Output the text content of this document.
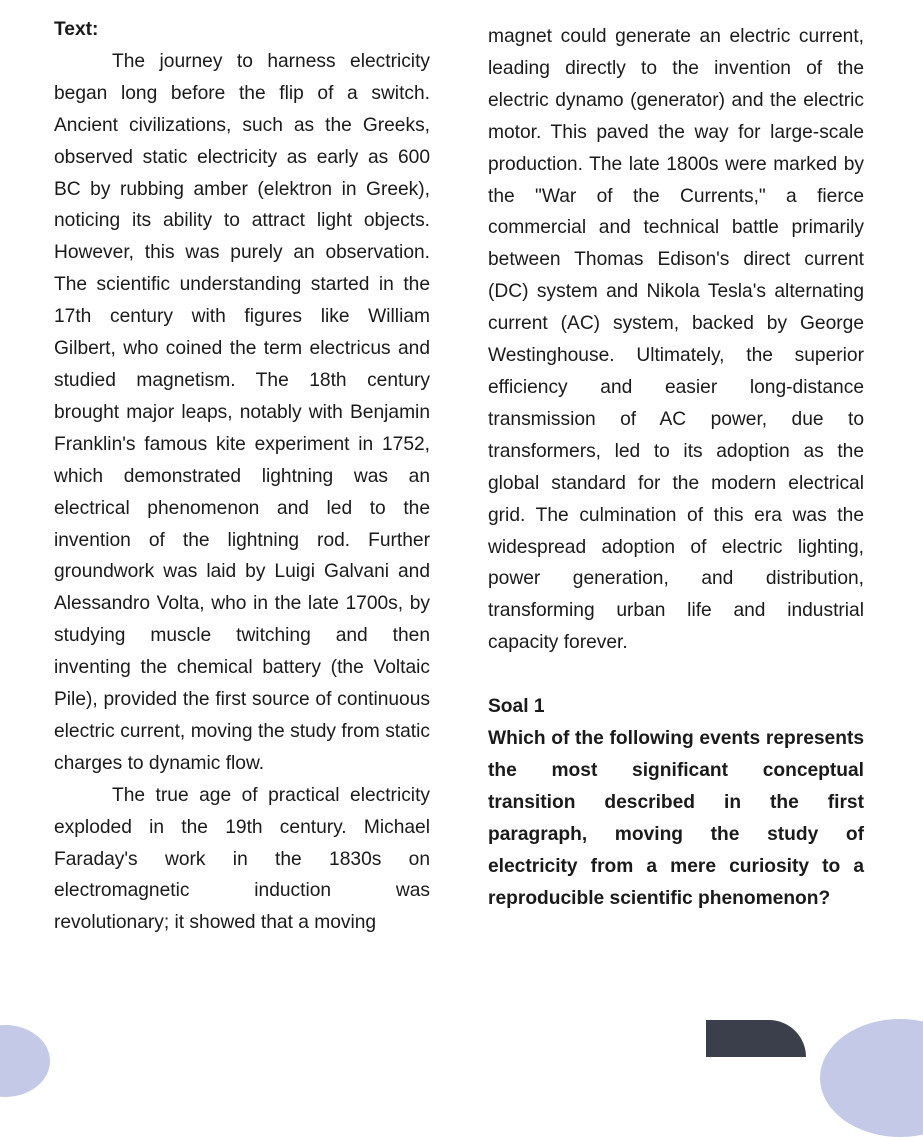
Text:

The journey to harness electricity began long before the flip of a switch. Ancient civilizations, such as the Greeks, observed static electricity as early as 600 BC by rubbing amber (elektron in Greek), noticing its ability to attract light objects. However, this was purely an observation. The scientific understanding started in the 17th century with figures like William Gilbert, who coined the term electricus and studied magnetism. The 18th century brought major leaps, notably with Benjamin Franklin's famous kite experiment in 1752, which demonstrated lightning was an electrical phenomenon and led to the invention of the lightning rod. Further groundwork was laid by Luigi Galvani and Alessandro Volta, who in the late 1700s, by studying muscle twitching and then inventing the chemical battery (the Voltaic Pile), provided the first source of continuous electric current, moving the study from static charges to dynamic flow.

The true age of practical electricity exploded in the 19th century. Michael Faraday's work in the 1830s on electromagnetic induction was revolutionary; it showed that a moving

magnet could generate an electric current, leading directly to the invention of the electric dynamo (generator) and the electric motor. This paved the way for large-scale production. The late 1800s were marked by the "War of the Currents," a fierce commercial and technical battle primarily between Thomas Edison's direct current (DC) system and Nikola Tesla's alternating current (AC) system, backed by George Westinghouse. Ultimately, the superior efficiency and easier long-distance transmission of AC power, due to transformers, led to its adoption as the global standard for the modern electrical grid. The culmination of this era was the widespread adoption of electric lighting, power generation, and distribution, transforming urban life and industrial capacity forever.

Soal 1

Which of the following events represents the most significant conceptual transition described in the first paragraph, moving the study of electricity from a mere curiosity to a reproducible scientific phenomenon?
